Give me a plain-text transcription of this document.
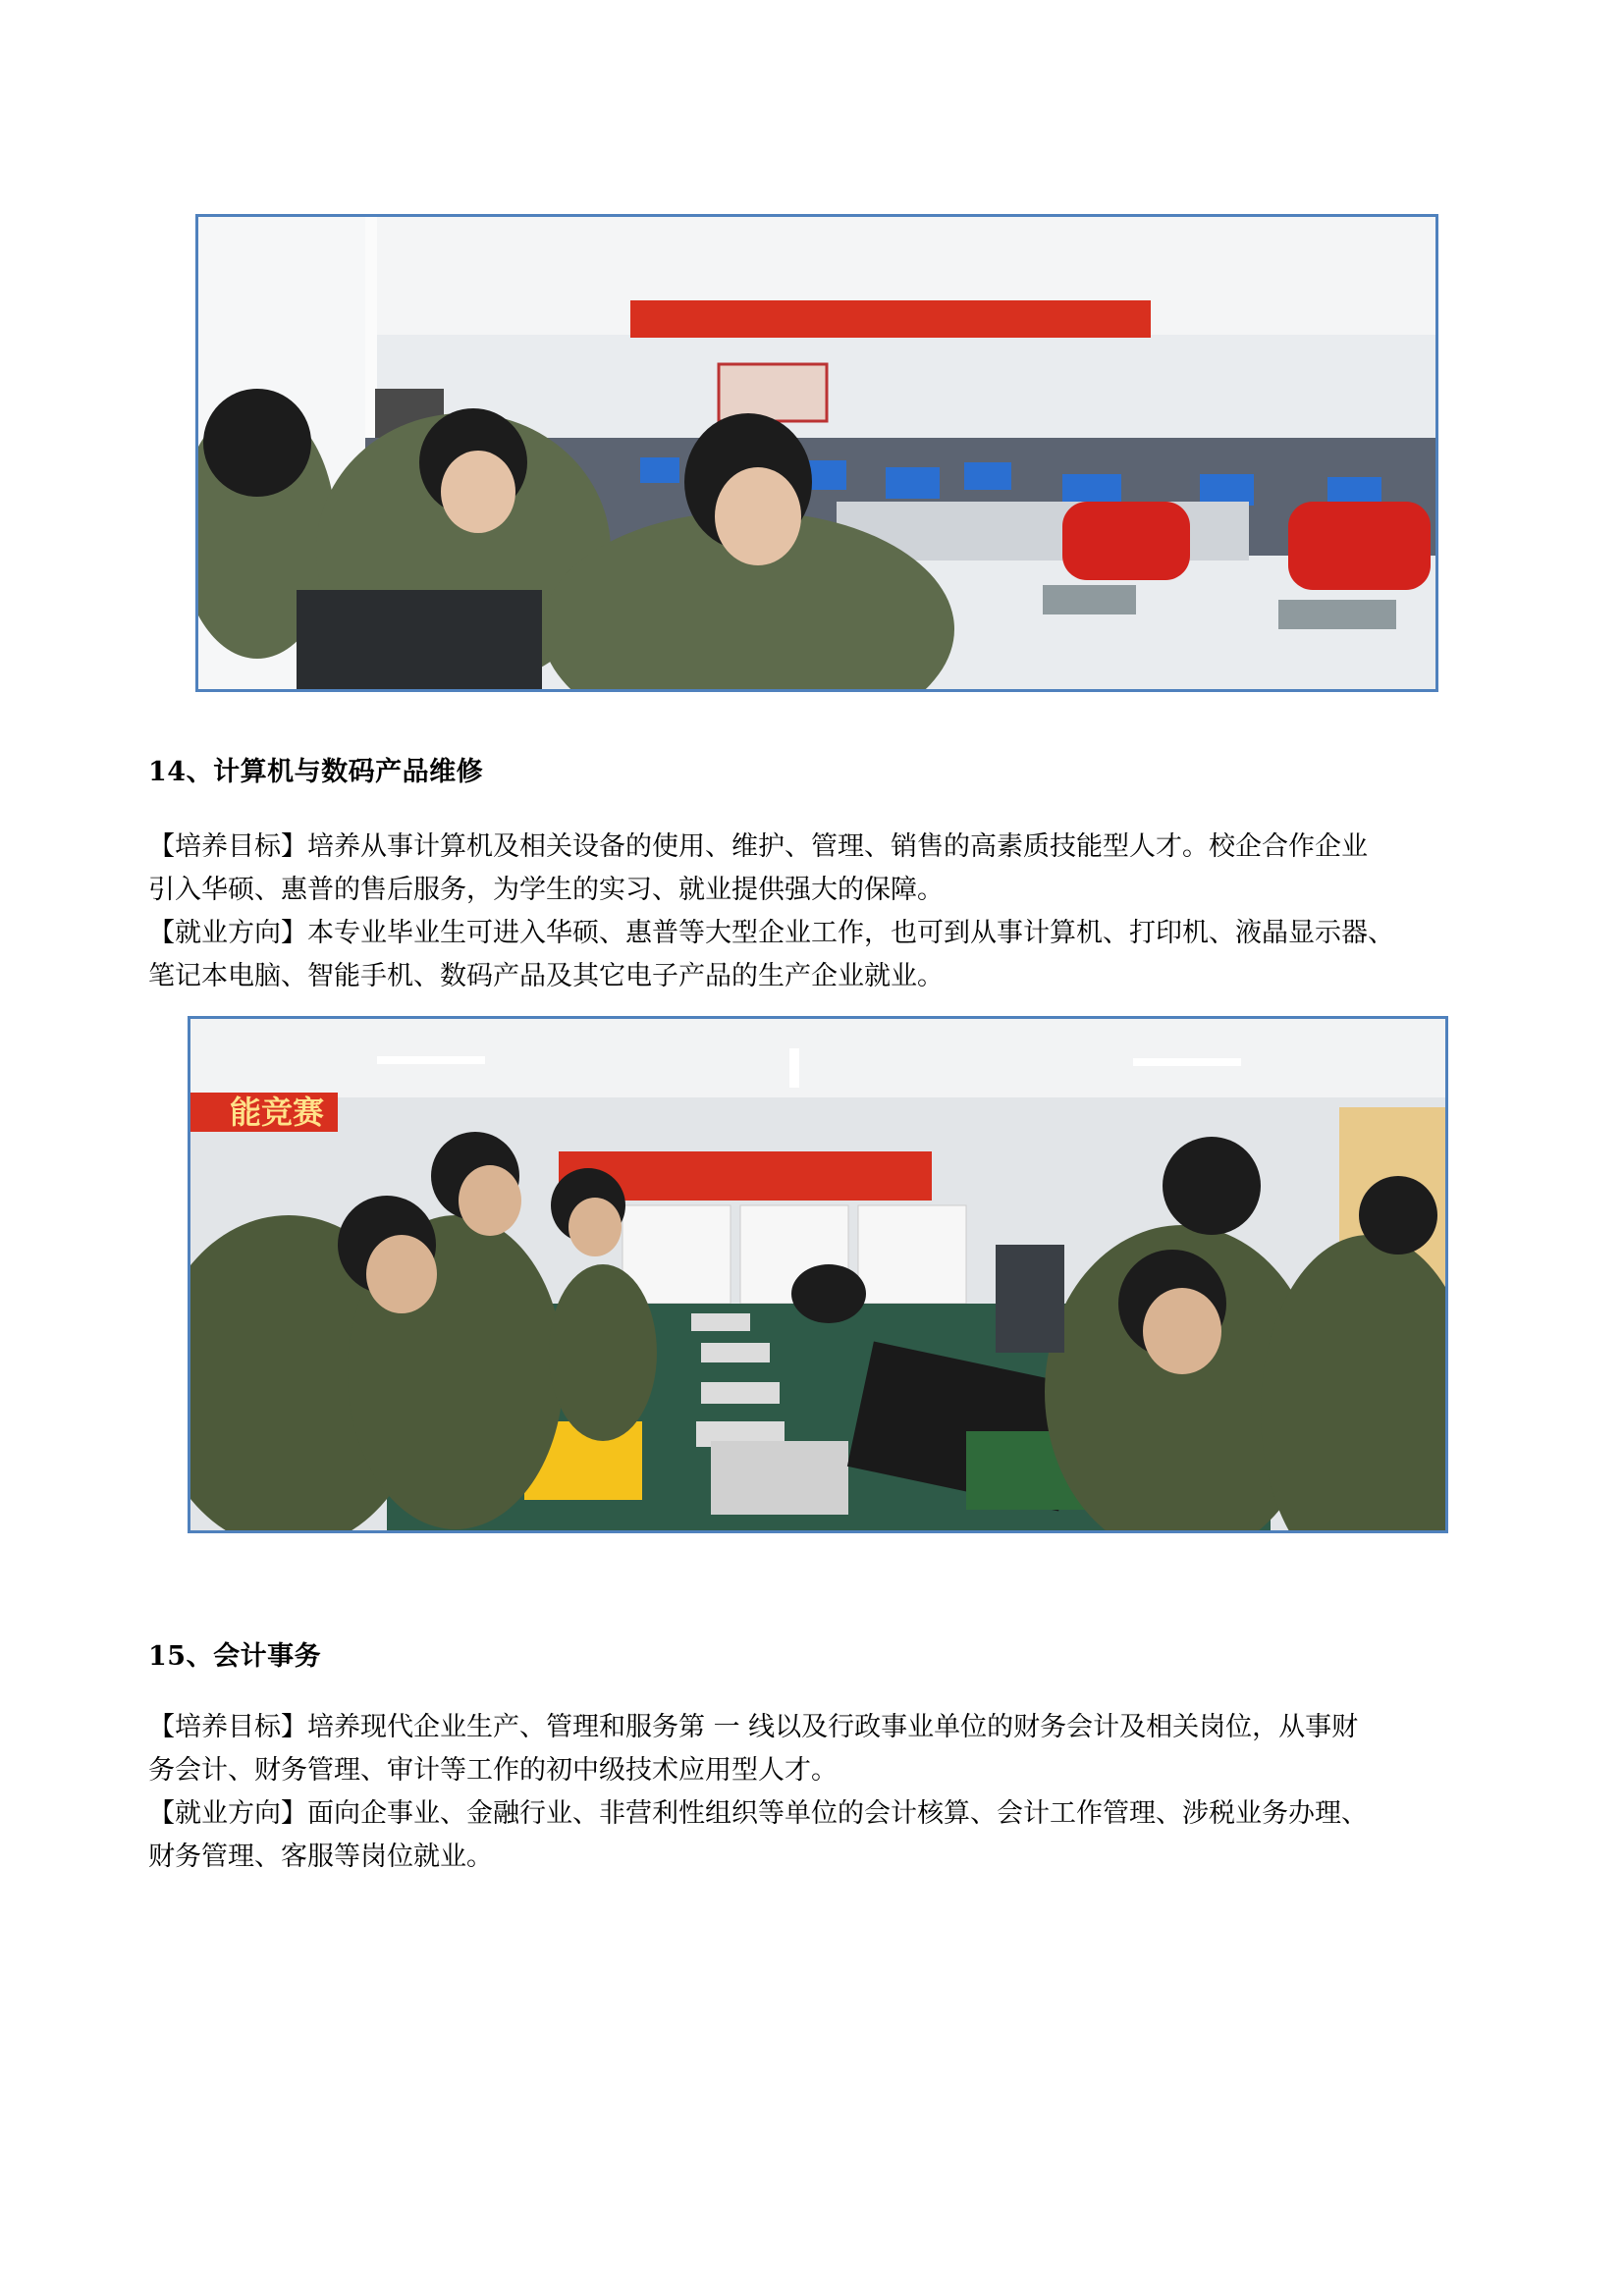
14、计算机与数码产品维修

【培养目标】培养从事计算机及相关设备的使用、维护、管理、销售的高素质技能型人才。校企合作企业
引入华硕、惠普的售后服务，为学生的实习、就业提供强大的保障。

【就业方向】本专业毕业生可进入华硕、惠普等大型企业工作，也可到从事计算机、打印机、液晶显示器、
笔记本电脑、智能手机、数码产品及其它电子产品的生产企业就业。

能竞赛
15、会计事务

【培养目标】培养现代企业生产、管理和服务第 一 线以及行政事业单位的财务会计及相关岗位，从事财
务会计、财务管理、审计等工作的初中级技术应用型人才。

【就业方向】面向企事业、金融行业、非营利性组织等单位的会计核算、会计工作管理、涉税业务办理、
财务管理、客服等岗位就业。
